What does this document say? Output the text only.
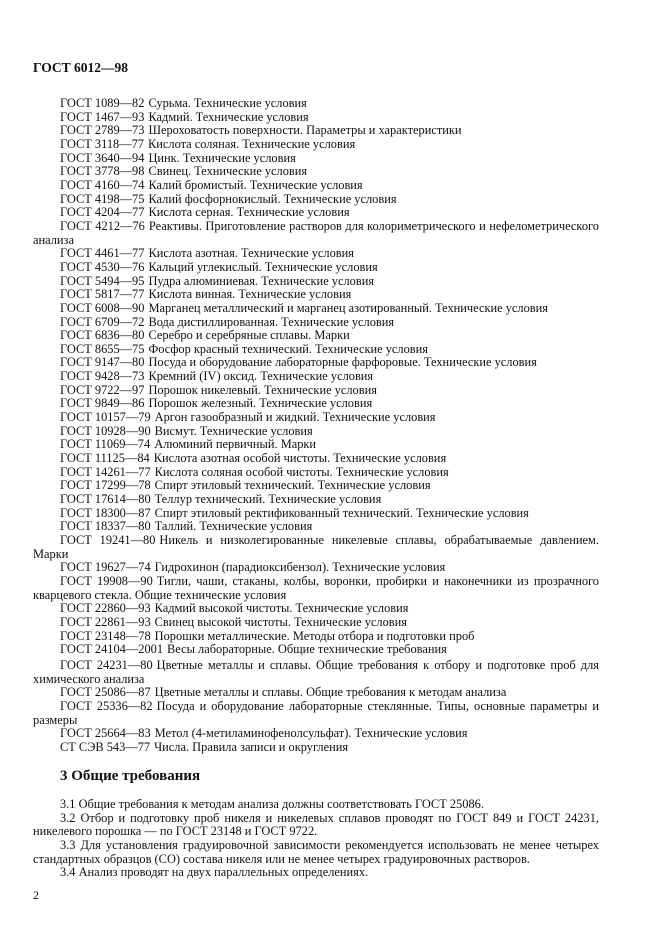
ГОСТ 6012—98
ГОСТ 1089—82 Сурьма. Технические условия
ГОСТ 1467—93 Кадмий. Технические условия
ГОСТ 2789—73 Шероховатость поверхности. Параметры и характеристики
ГОСТ 3118—77 Кислота соляная. Технические условия
ГОСТ 3640—94 Цинк. Технические условия
ГОСТ 3778—98 Свинец. Технические условия
ГОСТ 4160—74 Калий бромистый. Технические условия
ГОСТ 4198—75 Калий фосфорнокислый. Технические условия
ГОСТ 4204—77 Кислота серная. Технические условия
ГОСТ 4212—76 Реактивы. Приготовление растворов для колориметрического и нефелометрического анализа
ГОСТ 4461—77 Кислота азотная. Технические условия
ГОСТ 4530—76 Кальций углекислый. Технические условия
ГОСТ 5494—95 Пудра алюминиевая. Технические условия
ГОСТ 5817—77 Кислота винная. Технические условия
ГОСТ 6008—90 Марганец металлический и марганец азотированный. Технические условия
ГОСТ 6709—72 Вода дистиллированная. Технические условия
ГОСТ 6836—80 Серебро и серебряные сплавы. Марки
ГОСТ 8655—75 Фосфор красный технический. Технические условия
ГОСТ 9147—80 Посуда и оборудование лабораторные фарфоровые. Технические условия
ГОСТ 9428—73 Кремний (IV) оксид. Технические условия
ГОСТ 9722—97 Порошок никелевый. Технические условия
ГОСТ 9849—86 Порошок железный. Технические условия
ГОСТ 10157—79 Аргон газообразный и жидкий. Технические условия
ГОСТ 10928—90 Висмут. Технические условия
ГОСТ 11069—74 Алюминий первичный. Марки
ГОСТ 11125—84 Кислота азотная особой чистоты. Технические условия
ГОСТ 14261—77 Кислота соляная особой чистоты. Технические условия
ГОСТ 17299—78 Спирт этиловый технический. Технические условия
ГОСТ 17614—80 Теллур технический. Технические условия
ГОСТ 18300—87 Спирт этиловый ректификованный технический. Технические условия
ГОСТ 18337—80 Таллий. Технические условия
ГОСТ 19241—80 Никель и низколегированные никелевые сплавы, обрабатываемые давлением. Марки
ГОСТ 19627—74 Гидрохинон (парадиоксибензол). Технические условия
ГОСТ 19908—90 Тигли, чаши, стаканы, колбы, воронки, пробирки и наконечники из прозрачного кварцевого стекла. Общие технические условия
ГОСТ 22860—93 Кадмий высокой чистоты. Технические условия
ГОСТ 22861—93 Свинец высокой чистоты. Технические условия
ГОСТ 23148—78 Порошки металлические. Методы отбора и подготовки проб
ГОСТ 24104—2001 Весы лабораторные. Общие технические требования
ГОСТ 24231—80 Цветные металлы и сплавы. Общие требования к отбору и подготовке проб для химического анализа
ГОСТ 25086—87 Цветные металлы и сплавы. Общие требования к методам анализа
ГОСТ 25336—82 Посуда и оборудование лабораторные стеклянные. Типы, основные параметры и размеры
ГОСТ 25664—83 Метол (4-метиламинофенолсульфат). Технические условия
СТ СЭВ 543—77 Числа. Правила записи и округления
3 Общие требования
3.1 Общие требования к методам анализа должны соответствовать ГОСТ 25086.
3.2 Отбор и подготовку проб никеля и никелевых сплавов проводят по ГОСТ 849 и ГОСТ 24231, никелевого порошка — по ГОСТ 23148 и ГОСТ 9722.
3.3 Для установления градуировочной зависимости рекомендуется использовать не менее четырех стандартных образцов (СО) состава никеля или не менее четырех градуировочных растворов.
3.4 Анализ проводят на двух параллельных определениях.
2
